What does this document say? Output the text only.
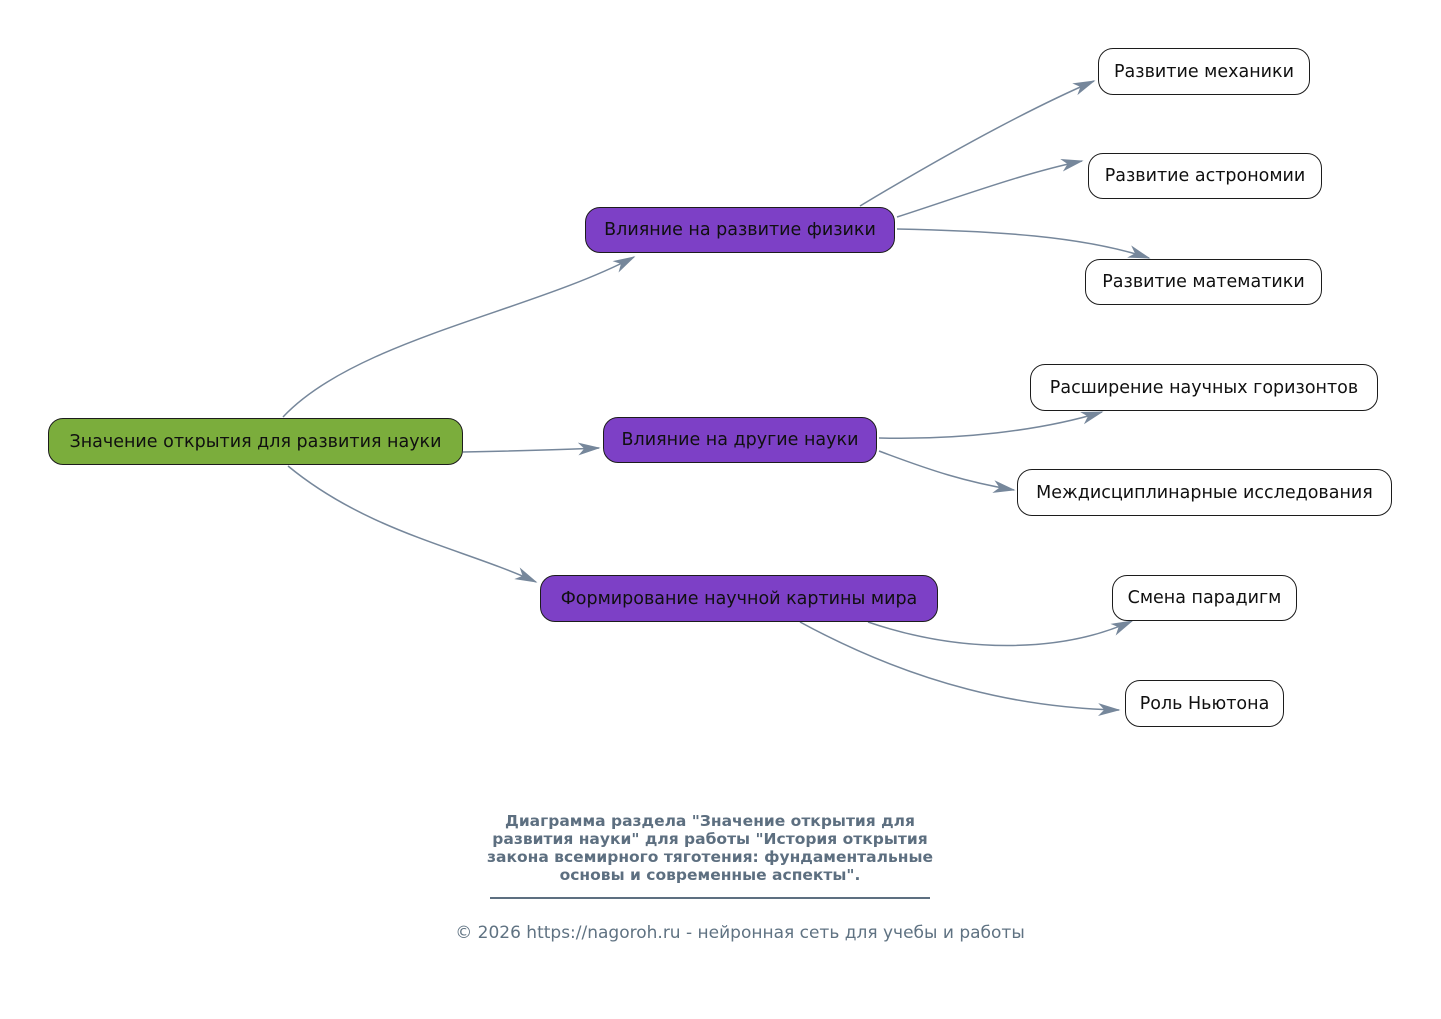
Значение открытия для развития науки
Влияние на развитие физики
Влияние на другие науки
Формирование научной картины мира
Развитие механики
Развитие астрономии
Развитие математики
Расширение научных горизонтов
Междисциплинарные исследования
Смена парадигм
Роль Ньютона
Диаграмма раздела "Значение открытия для
развития науки" для работы "История открытия
закона всемирного тяготения: фундаментальные
основы и современные аспекты".
© 2026 https://nagoroh.ru - нейронная сеть для учебы и работы
